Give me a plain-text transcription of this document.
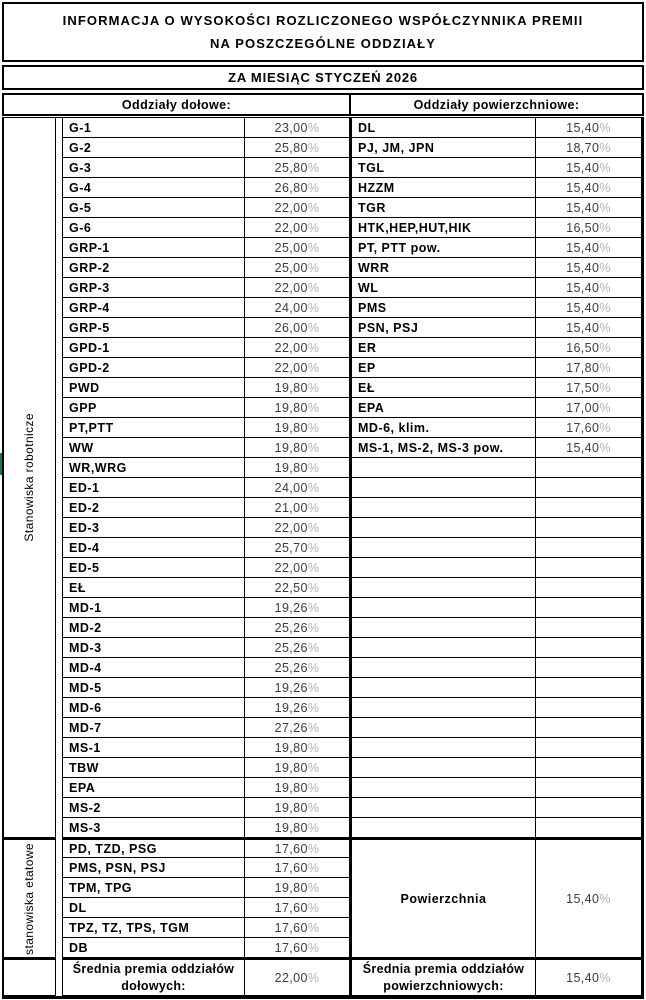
INFORMACJA O WYSOKOŚCI ROZLICZONEGO WSPÓŁCZYNNIKA PREMII
NA POSZCZEGÓLNE ODDZIAŁY
ZA MIESIĄC STYCZEŃ 2026
Oddziały dołowe:	Oddziały powierzchniowe:
Stanowiska robotnicze
stanowiska etatowe	Powierzchnia	15,40 %
Średnia premia oddziałów dołowych:
22,00 %
Średnia premia oddziałów powierzchniowych:
15,40 %
G-1	23,00 %
G-2	25,80 %
G-3	25,80 %
G-4	26,80 %
G-5	22,00 %
G-6	22,00 %
GRP-1	25,00 %
GRP-2	25,00 %
GRP-3	22,00 %
GRP-4	24,00 %
GRP-5	26,00 %
GPD-1	22,00 %
GPD-2	22,00 %
PWD	19,80 %
GPP	19,80 %
PT,PTT	19,80 %
WW	19,80 %
WR,WRG	19,80 %
ED-1	24,00 %
ED-2	21,00 %
ED-3	22,00 %
ED-4	25,70 %
ED-5	22,00 %
EŁ	22,50 %
MD-1	19,26 %
MD-2	25,26 %
MD-3	25,26 %
MD-4	25,26 %
MD-5	19,26 %
MD-6	19,26 %
MD-7	27,26 %
MS-1	19,80 %
TBW	19,80 %
EPA	19,80 %
MS-2	19,80 %
MS-3	19,80 %
PD, TZD, PSG	17,60 %
PMS, PSN, PSJ	17,60 %
TPM, TPG	19,80 %
DL	17,60 %
TPZ, TZ, TPS, TGM	17,60 %
DB	17,60 %
DL	15,40 %
PJ, JM, JPN	18,70 %
TGL	15,40 %
HZZM	15,40 %
TGR	15,40 %
HTK,HEP,HUT,HIK	16,50 %
PT, PTT pow.	15,40 %
WRR	15,40 %
WL	15,40 %
PMS	15,40 %
PSN, PSJ	15,40 %
ER	16,50 %
EP	17,80 %
EŁ	17,50 %
EPA	17,00 %
MD-6, klim.	17,60 %
MS-1, MS-2, MS-3 pow.	15,40 %
